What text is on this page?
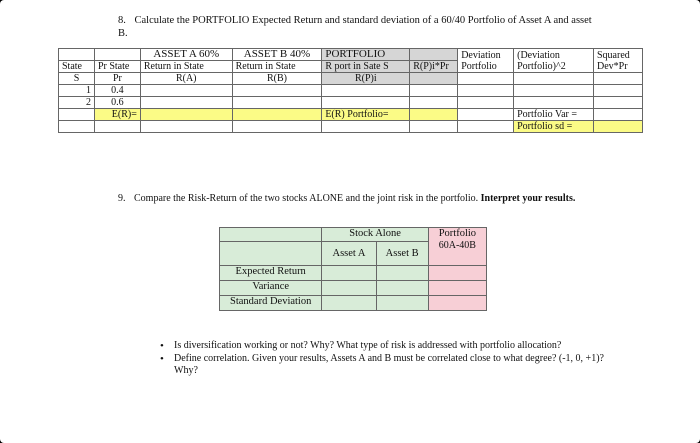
8. Calculate the PORTFOLIO Expected Return and standard deviation of a 60/40 Portfolio of Asset A and asset B.
		ASSET A 60%	ASSET B 40%	PORTFOLIO		Deviation Portfolio	(Deviation Portfolio)^2	Squared Dev*Pr
State	Pr State	Return in State	Return in State	R port in Sate S	R(P)i*Pr			
S	Pr	R(A)	R(B)	R(P)i				
1	0.4							
2	0.6							
	E(R)=			E(R) Portfolio=			Portfolio Var =	
							Portfolio sd =	
9. Compare the Risk-Return of the two stocks ALONE and the joint risk in the portfolio. Interpret your results.
	Stock Alone		Portfolio
60A-40B
	Asset A	Asset B	
Expected Return			
Variance			
Standard Deviation			
• Is diversification working or not? Why? What type of risk is addressed with portfolio allocation?
• Define correlation. Given your results, Assets A and B must be correlated close to what degree? (-1, 0, +1)? Why?
